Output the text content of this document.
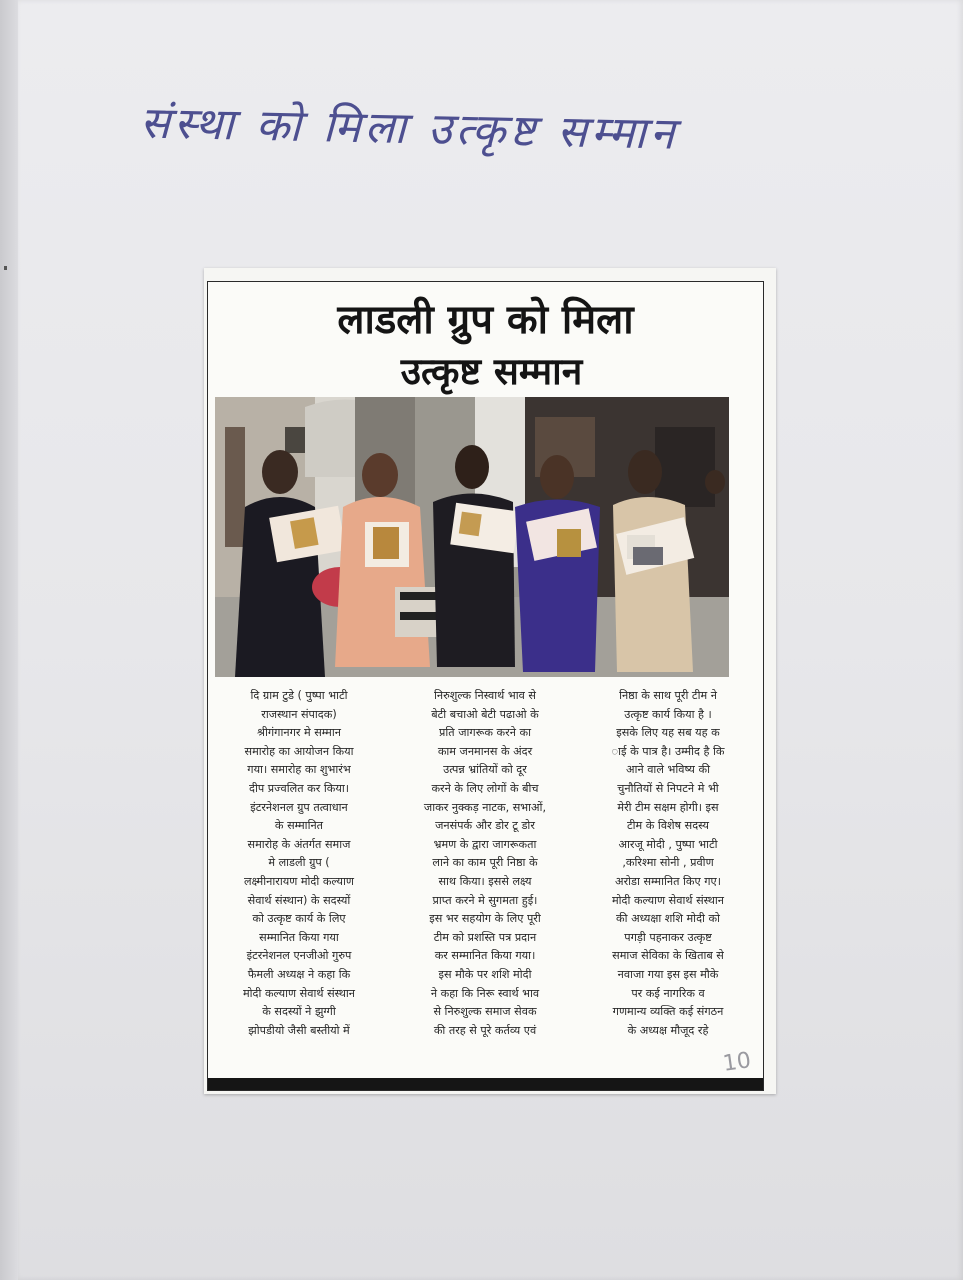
संस्था को मिला उत्कृष्ट सम्मान
लाडली ग्रुप को मिला
उत्कृष्ट सम्मान
दि ग्राम टुडे ( पुष्पा भाटी
राजस्थान संपादक)
श्रीगंगानगर मे सम्मान
समारोह का आयोजन किया
गया। समारोह का शुभारंभ
दीप प्रज्वलित कर किया।
इंटरनेशनल ग्रुप तत्वाधान
के सम्मानित
समारोह के अंतर्गत समाज
मे लाडली ग्रुप (
लक्ष्मीनारायण मोदी कल्याण
सेवार्थ संस्थान) के सदस्यों
को उत्कृष्ट कार्य के लिए
सम्मानित किया गया
इंटरनेशनल एनजीओ गुरुप
फैमली अध्यक्ष ने कहा कि
मोदी कल्याण सेवार्थ संस्थान
के सदस्यों ने झुग्गी
झोपडीयो जैसी बस्तीयो में
निरुशुल्क निस्वार्थ भाव से
बेटी बचाओ बेटी पढाओ के
प्रति जागरूक करने का
काम जनमानस के अंदर
उत्पन्न भ्रांतियों को दूर
करने के लिए लोगों के बीच
जाकर नुक्कड़ नाटक, सभाओं,
जनसंपर्क और डोर टू डोर
भ्रमण के द्वारा जागरूकता
लाने का काम पूरी निष्ठा के
साथ किया। इससे लक्ष्य
प्राप्त करने मे सुगमता हुई।
इस भर सहयोग के लिए पूरी
टीम को प्रशस्ति पत्र प्रदान
कर सम्मानित किया गया।
इस मौके पर शशि मोदी
ने कहा कि निरू स्वार्थ भाव
से निरुशुल्क समाज सेवक
की तरह से पूरे कर्तव्य एवं
निष्ठा के साथ पूरी टीम ने
उत्कृष्ट कार्य किया है ।
इसके लिए यह सब यह क
ाई के पात्र है। उम्मीद है कि
आने वाले भविष्य की
चुनौतियों से निपटने मे भी
मेरी टीम सक्षम होगी। इस
टीम के विशेष सदस्य
आरजू मोदी , पुष्पा भाटी
,करिश्मा सोनी , प्रवीण
अरोडा सम्मानित किए गए।
मोदी कल्याण सेवार्थ संस्थान
की अध्यक्षा शशि मोदी को
पगड़ी पहनाकर उत्कृष्ट
समाज सेविका के खिताब से
नवाजा गया इस इस मौके
पर कई नागरिक व
गणमान्य व्यक्ति कई संगठन
के अध्यक्ष मौजूद रहे
10
